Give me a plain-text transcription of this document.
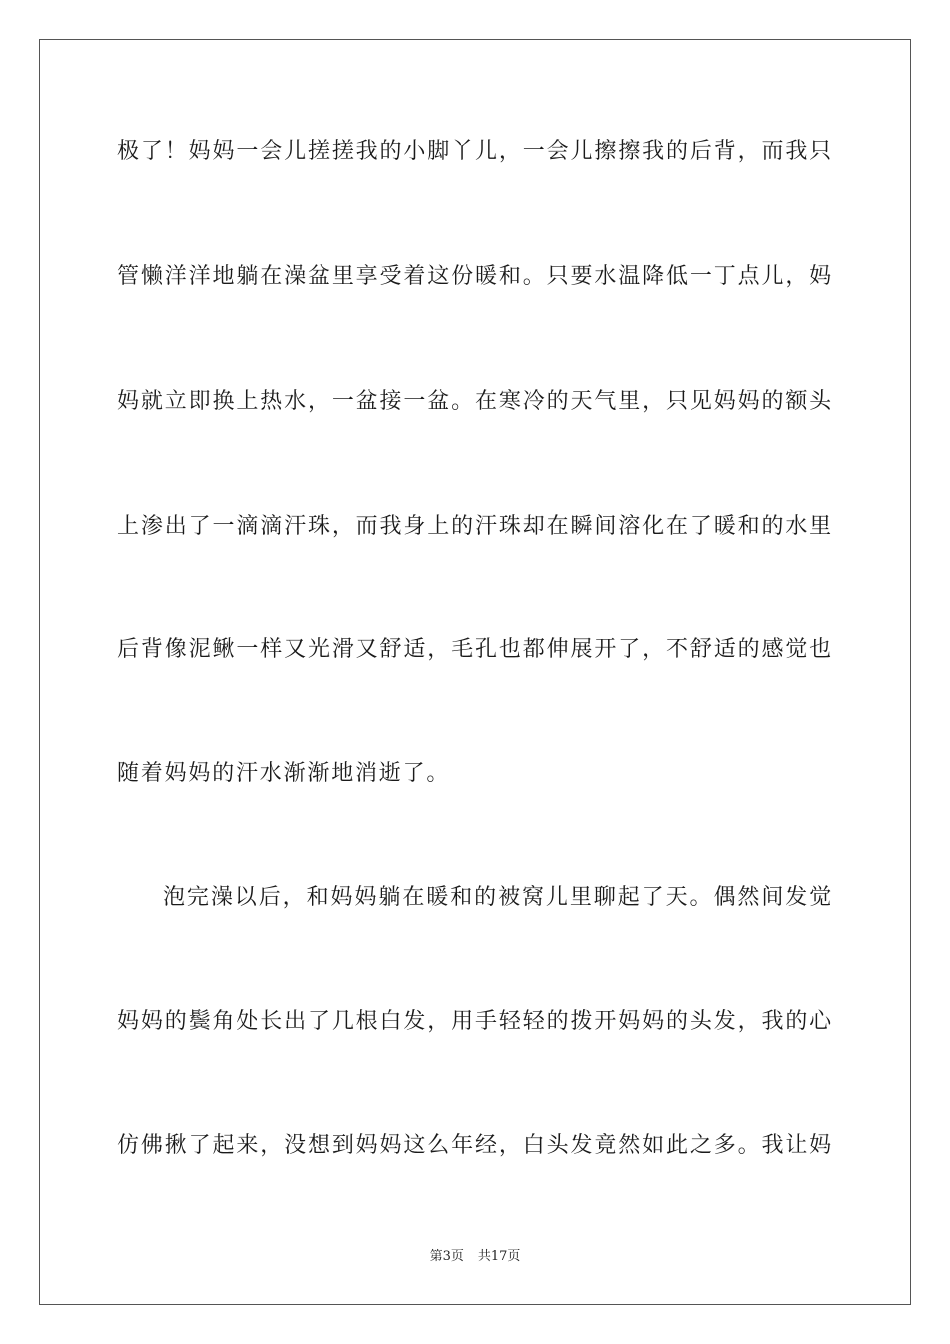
极了！妈妈一会儿搓搓我的小脚丫儿，一会儿擦擦我的后背，而我只
管懒洋洋地躺在澡盆里享受着这份暖和。只要水温降低一丁点儿，妈
妈就立即换上热水，一盆接一盆。在寒冷的天气里，只见妈妈的额头
上渗出了一滴滴汗珠，而我身上的汗珠却在瞬间溶化在了暖和的水里
后背像泥鳅一样又光滑又舒适，毛孔也都伸展开了，不舒适的感觉也
随着妈妈的汗水渐渐地消逝了。
泡完澡以后，和妈妈躺在暖和的被窝儿里聊起了天。偶然间发觉
妈妈的鬓角处长出了几根白发，用手轻轻的拨开妈妈的头发，我的心
仿佛揪了起来，没想到妈妈这么年经，白头发竟然如此之多。我让妈
第3页 共17页
